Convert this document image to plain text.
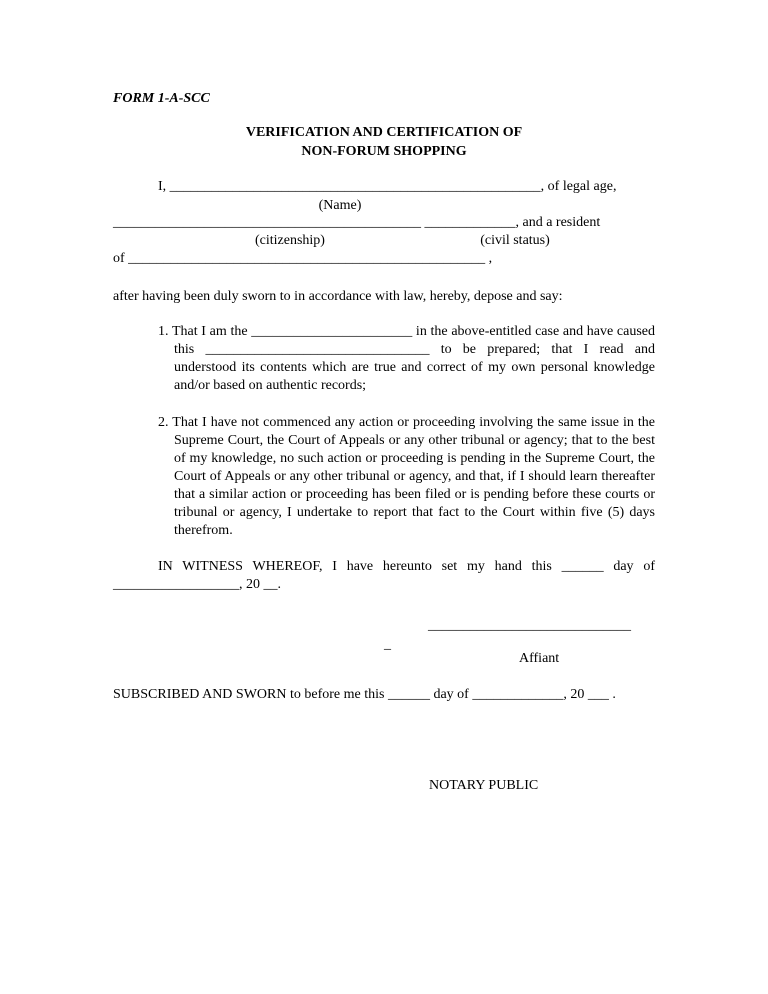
FORM 1-A-SCC
VERIFICATION AND CERTIFICATION OF
NON-FORUM SHOPPING
I, _____________________________________________________, of legal age,
(Name)
____________________________________________ _____________, and a resident
(citizenship)	(civil status)
of ___________________________________________________ ,
after having been duly sworn to in accordance with law, hereby, depose and say:
1. That I am the _______________________ in the above-entitled case and have caused this ________________________________ to be prepared; that I read and understood its contents which are true and correct of my own personal knowledge and/or based on authentic records;
2. That I have not commenced any action or proceeding involving the same issue in the Supreme Court, the Court of Appeals or any other tribunal or agency; that to the best of my knowledge, no such action or proceeding is pending in the Supreme Court, the Court of Appeals or any other tribunal or agency, and that, if I should learn thereafter that a similar action or proceeding has been filed or is pending before these courts or tribunal or agency, I undertake to report that fact to the Court within five (5) days therefrom.
IN WITNESS WHEREOF, I have hereunto set my hand this ______ day of __________________, 20 __.
_____________________________
_
Affiant
SUBSCRIBED AND SWORN to before me this ______ day of _____________, 20 ___ .
NOTARY PUBLIC
